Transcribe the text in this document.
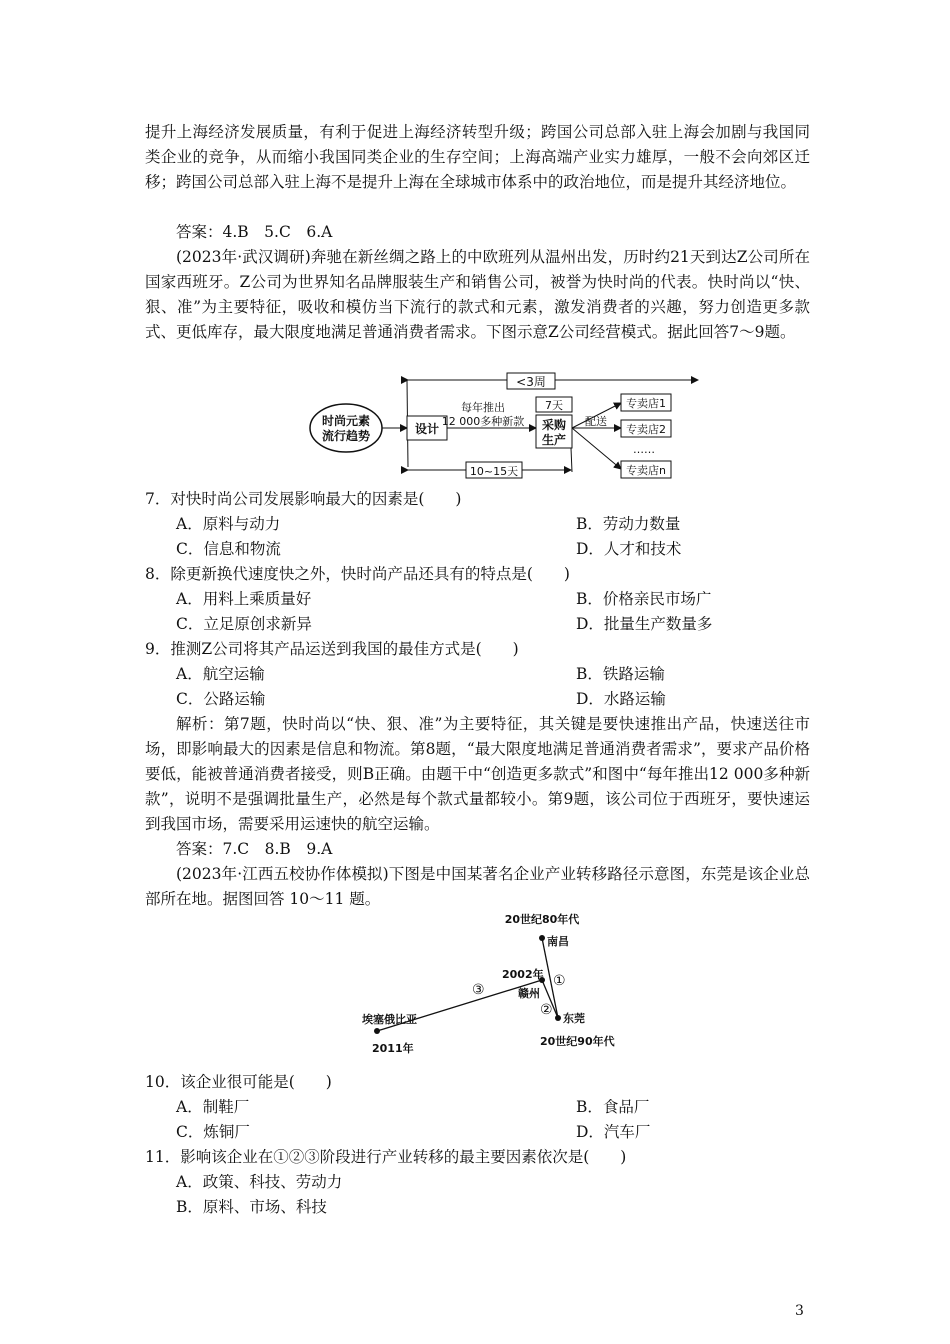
提升上海经济发展质量，有利于促进上海经济转型升级；跨国公司总部入驻上海会加剧与我国同类企业的竞争，从而缩小我国同类企业的生存空间；上海高端产业实力雄厚，一般不会向郊区迁移；跨国公司总部入驻上海不是提升上海在全球城市体系中的政治地位，而是提升其经济地位。

答案：4.B　5.C　6.A

(2023年·武汉调研)奔驰在新丝绸之路上的中欧班列从温州出发，历时约21天到达Z公司所在国家西班牙。Z公司为世界知名品牌服装生产和销售公司，被誉为快时尚的代表。快时尚以“快、狠、准”为主要特征，吸收和模仿当下流行的款式和元素，激发消费者的兴趣，努力创造更多款式、更低库存，最大限度地满足普通消费者需求。下图示意Z公司经营模式。据此回答7～9题。

<3周
时尚元素
流行趋势	设计
每年推出
12 000多种新款
7天
采购
生产
10~15天
配送
专卖店1
专卖店2
……
专卖店n
7．对快时尚公司发展影响最大的因素是(　　)
A．原料与动力	B．劳动力数量
C．信息和物流	D．人才和技术
8．除更新换代速度快之外，快时尚产品还具有的特点是(　　)
A．用料上乘质量好	B．价格亲民市场广
C．立足原创求新异	D．批量生产数量多
9．推测Z公司将其产品运送到我国的最佳方式是(　　)
A．航空运输	B．铁路运输
C．公路运输	D．水路运输

解析：第7题，快时尚以“快、狠、准”为主要特征，其关键是要快速推出产品，快速送往市场，即影响最大的因素是信息和物流。第8题，“最大限度地满足普通消费者需求”，要求产品价格要低，能被普通消费者接受，则B正确。由题干中“创造更多款式”和图中“每年推出12 000多种新款”，说明不是强调批量生产，必然是每个款式量都较小。第9题，该公司位于西班牙，要快速运到我国市场，需要采用运速快的航空运输。

答案：7.C　8.B　9.A

(2023年·江西五校协作体模拟)下图是中国某著名企业产业转移路径示意图，东莞是该企业总部所在地。据图回答 10～11 题。

20世纪80年代
南昌
2002年
赣州
东莞
20世纪90年代
埃塞俄比亚
2011年
①
②
③
10．该企业很可能是(　　)
A．制鞋厂	B．食品厂
C．炼铜厂	D．汽车厂
11．影响该企业在①②③阶段进行产业转移的最主要因素依次是(　　)
A．政策、科技、劳动力
B．原料、市场、科技
3
